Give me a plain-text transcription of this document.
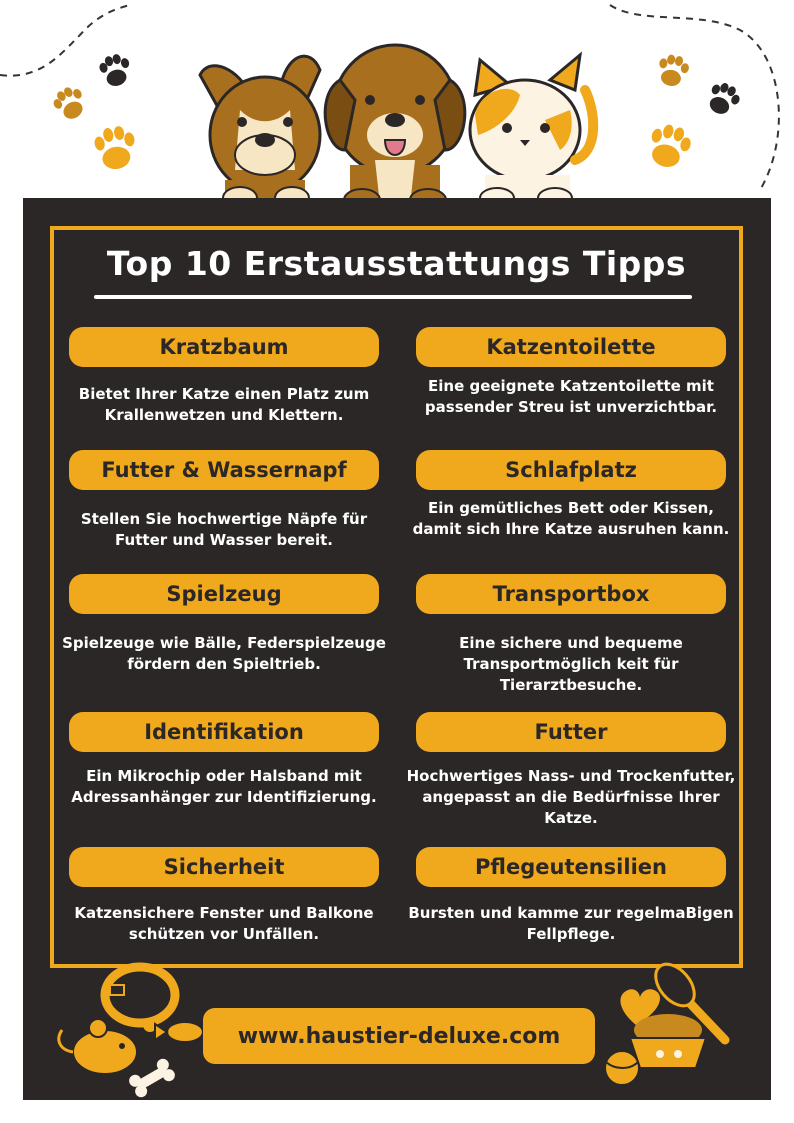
Top 10 Erstausstattungs Tipps
Kratzbaum
Bietet Ihrer Katze einen Platz zum Krallenwetzen und Klettern.
Katzentoilette
Eine geeignete Katzentoilette mit passender Streu ist unverzichtbar.
Futter & Wassernapf
Stellen Sie hochwertige Näpfe für Futter und Wasser bereit.
Schlafplatz
Ein gemütliches Bett oder Kissen, damit sich Ihre Katze ausruhen kann.
Spielzeug
Spielzeuge wie Bälle, Federspielzeuge fördern den Spieltrieb.
Transportbox
Eine sichere und bequeme Transportmöglich keit für Tierarztbesuche.
Identifikation
Ein Mikrochip oder Halsband mit Adressanhänger zur Identifizierung.
Futter
Hochwertiges Nass- und Trockenfutter, angepasst an die Bedürfnisse Ihrer Katze.
Sicherheit
Katzensichere Fenster und Balkone schützen vor Unfällen.
Pflegeutensilien
Bursten und kamme zur regelmaBigen Fellpflege.
www.haustier-deluxe.com
